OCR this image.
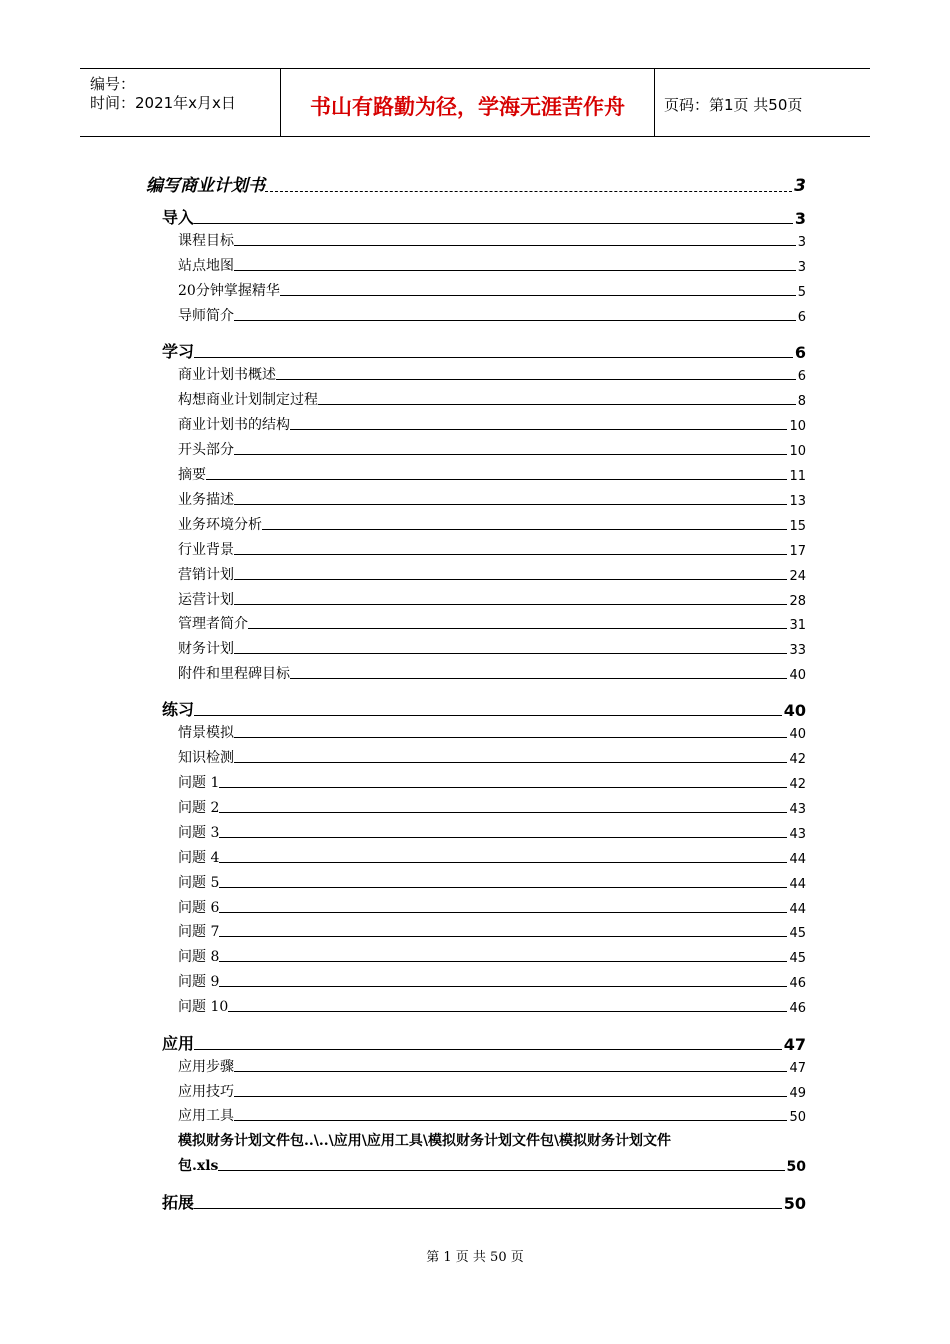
编号：
时间：2021年x月x日	书山有路勤为径，学海无涯苦作舟	页码：第1页 共50页
编写商业计划书	3
导入	3
课程目标	3
站点地图	3
20分钟掌握精华	5
导师简介	6
学习	6
商业计划书概述	6
构想商业计划制定过程	8
商业计划书的结构	10
开头部分	10
摘要	11
业务描述	13
业务环境分析	15
行业背景	17
营销计划	24
运营计划	28
管理者简介	31
财务计划	33
附件和里程碑目标	40
练习	40
情景模拟	40
知识检测	42
问题 1	42
问题 2	43
问题 3	43
问题 4	44
问题 5	44
问题 6	44
问题 7	45
问题 8	45
问题 9	46
问题 10	46
应用	47
应用步骤	47
应用技巧	49
应用工具	50
模拟财务计划文件包..\..\应用\应用工具\模拟财务计划文件包\模拟财务计划文件
包.xls	50
拓展	50
第 1 页 共 50 页
